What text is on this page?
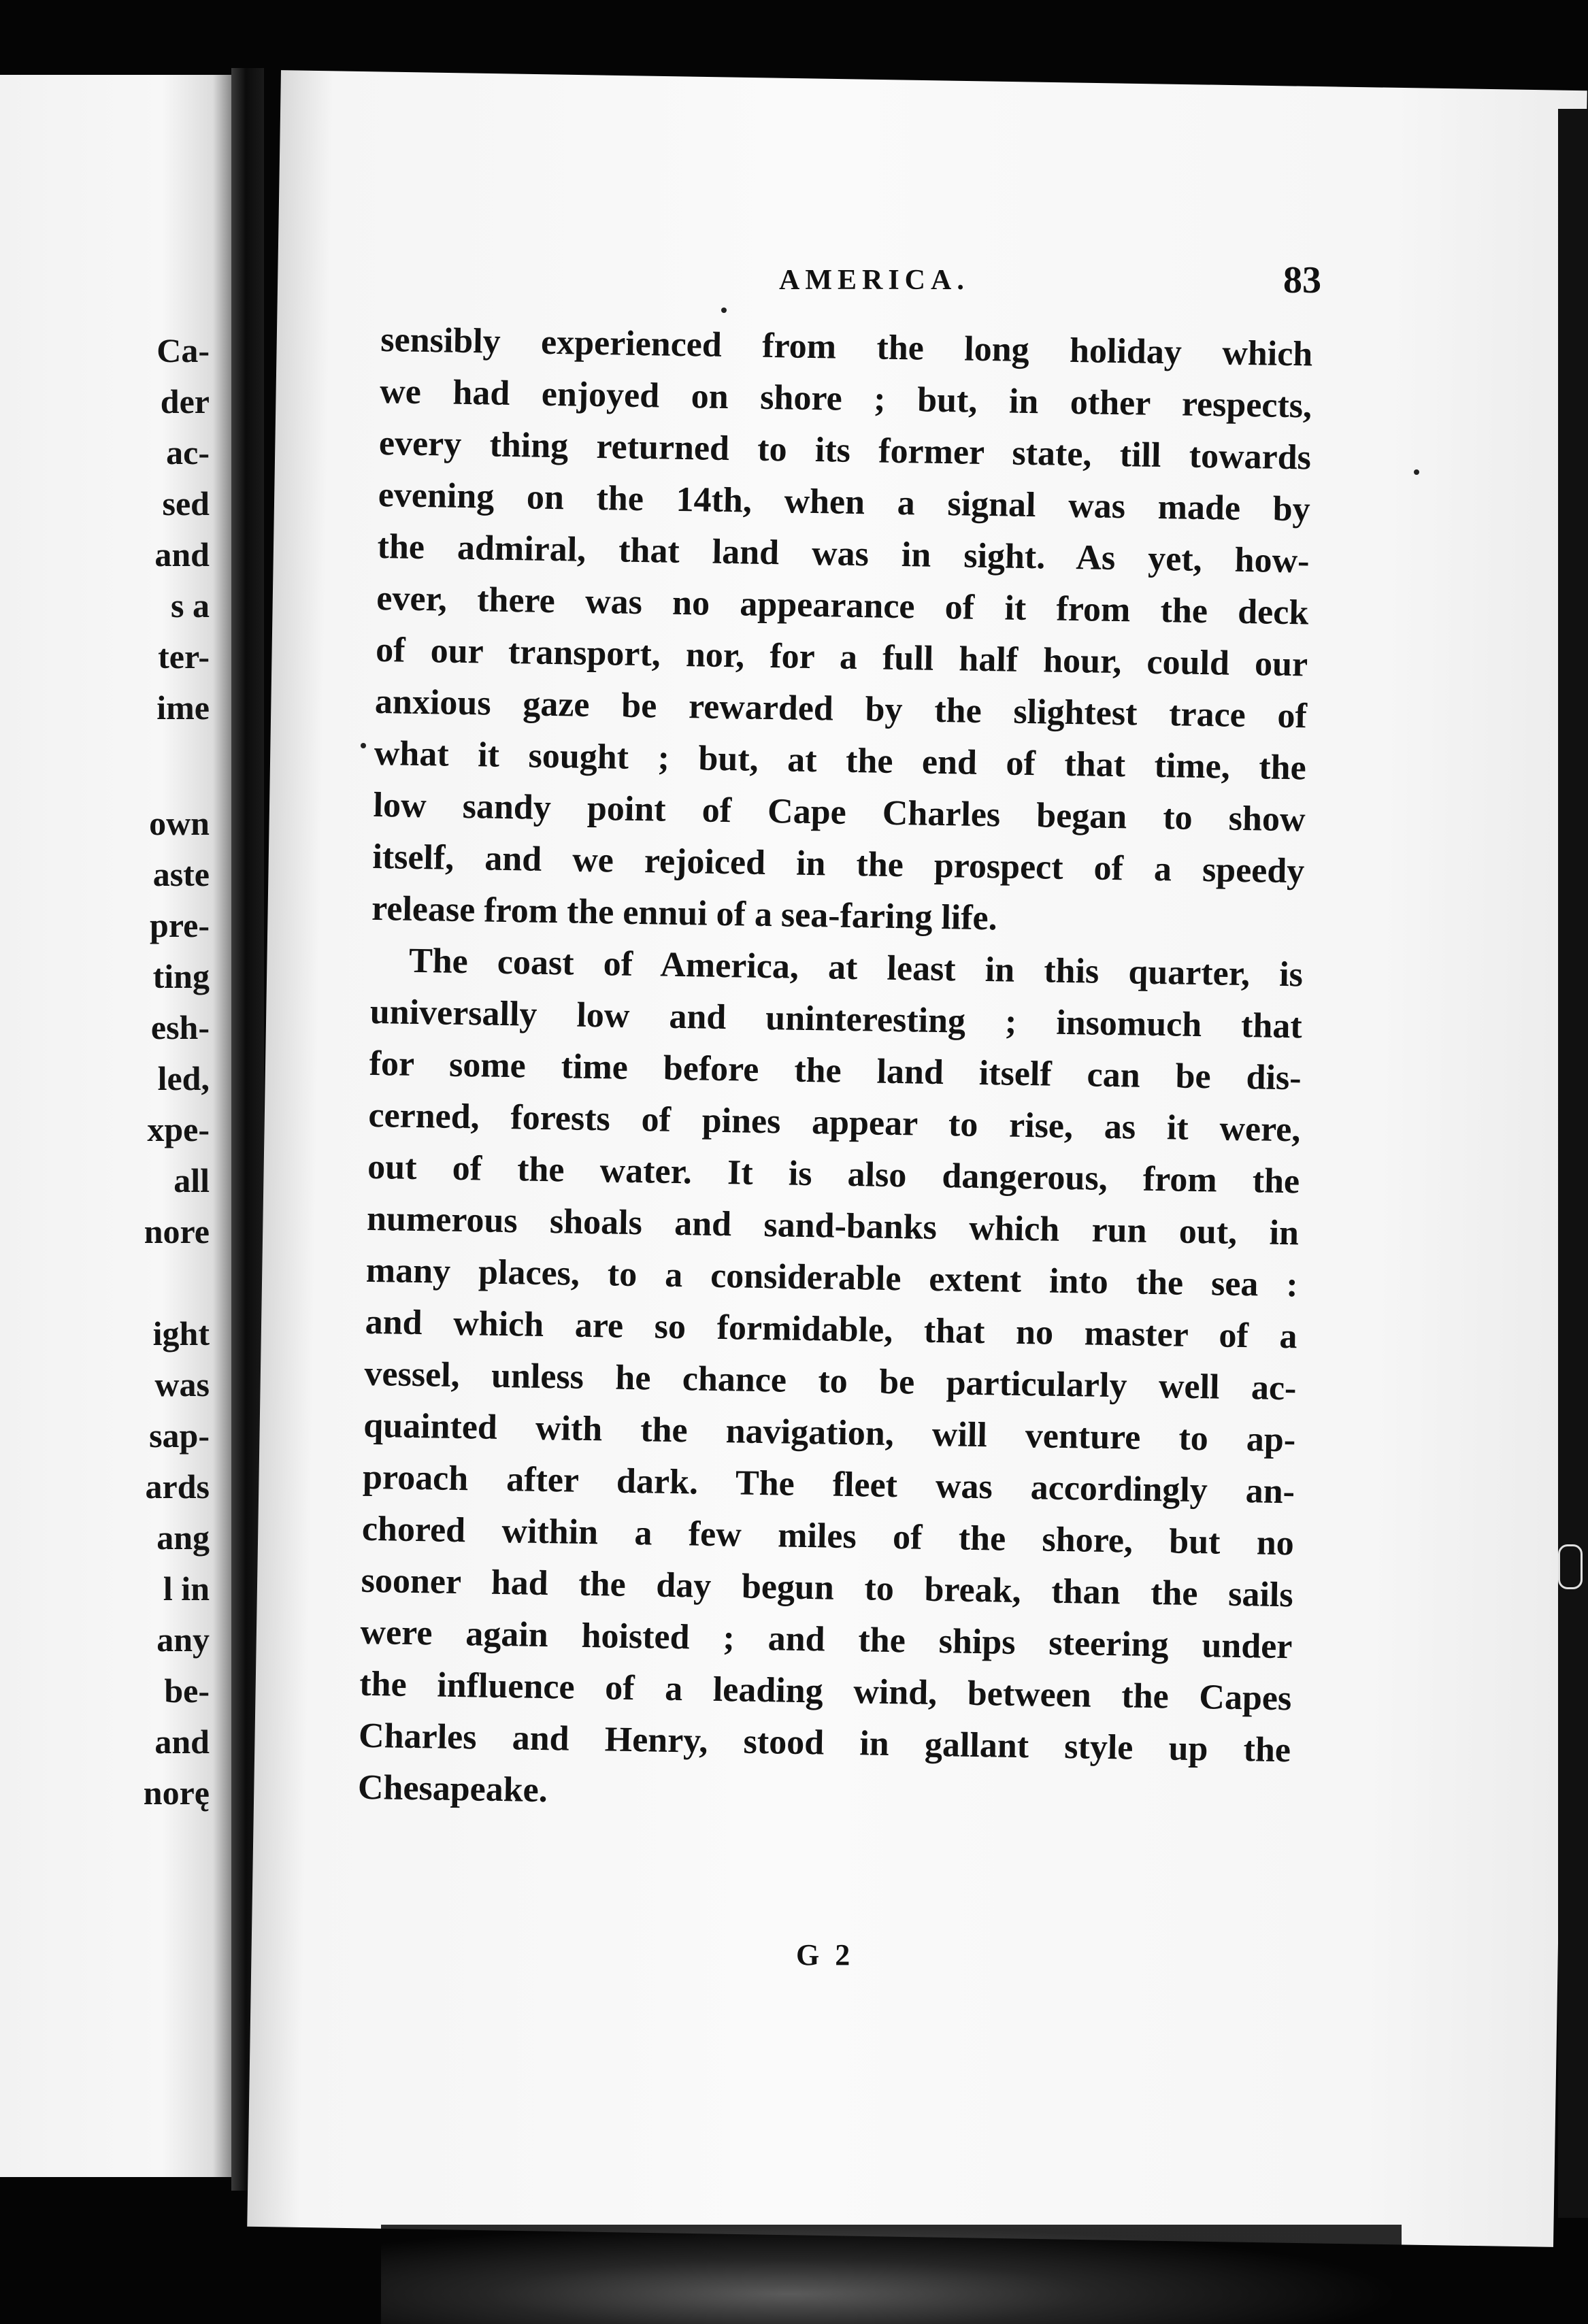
Ca-
der
ac-
sed
and
s a
ter-
ime
own
aste
pre-
ting
esh-
led,
xpe-
all
nore
ight
was
sap-
ards
ang
l in
any
be-
and
norę
AMERICA.	83
sensibly experienced from the long holiday which
we had enjoyed on shore ; but, in other respects,
every thing returned to its former state, till towards
evening on the 14th, when a signal was made by
the admiral, that land was in sight. As yet, how-
ever, there was no appearance of it from the deck
of our transport, nor, for a full half hour, could our
anxious gaze be rewarded by the slightest trace of
what it sought ; but, at the end of that time, the
low sandy point of Cape Charles began to show
itself, and we rejoiced in the prospect of a speedy
release from the ennui of a sea-faring life.
The coast of America, at least in this quarter, is
universally low and uninteresting ; insomuch that
for some time before the land itself can be dis-
cerned, forests of pines appear to rise, as it were,
out of the water. It is also dangerous, from the
numerous shoals and sand-banks which run out, in
many places, to a considerable extent into the sea :
and which are so formidable, that no master of a
vessel, unless he chance to be particularly well ac-
quainted with the navigation, will venture to ap-
proach after dark. The fleet was accordingly an-
chored within a few miles of the shore, but no
sooner had the day begun to break, than the sails
were again hoisted ; and the ships steering under
the influence of a leading wind, between the Capes
Charles and Henry, stood in gallant style up the
Chesapeake.
G 2
